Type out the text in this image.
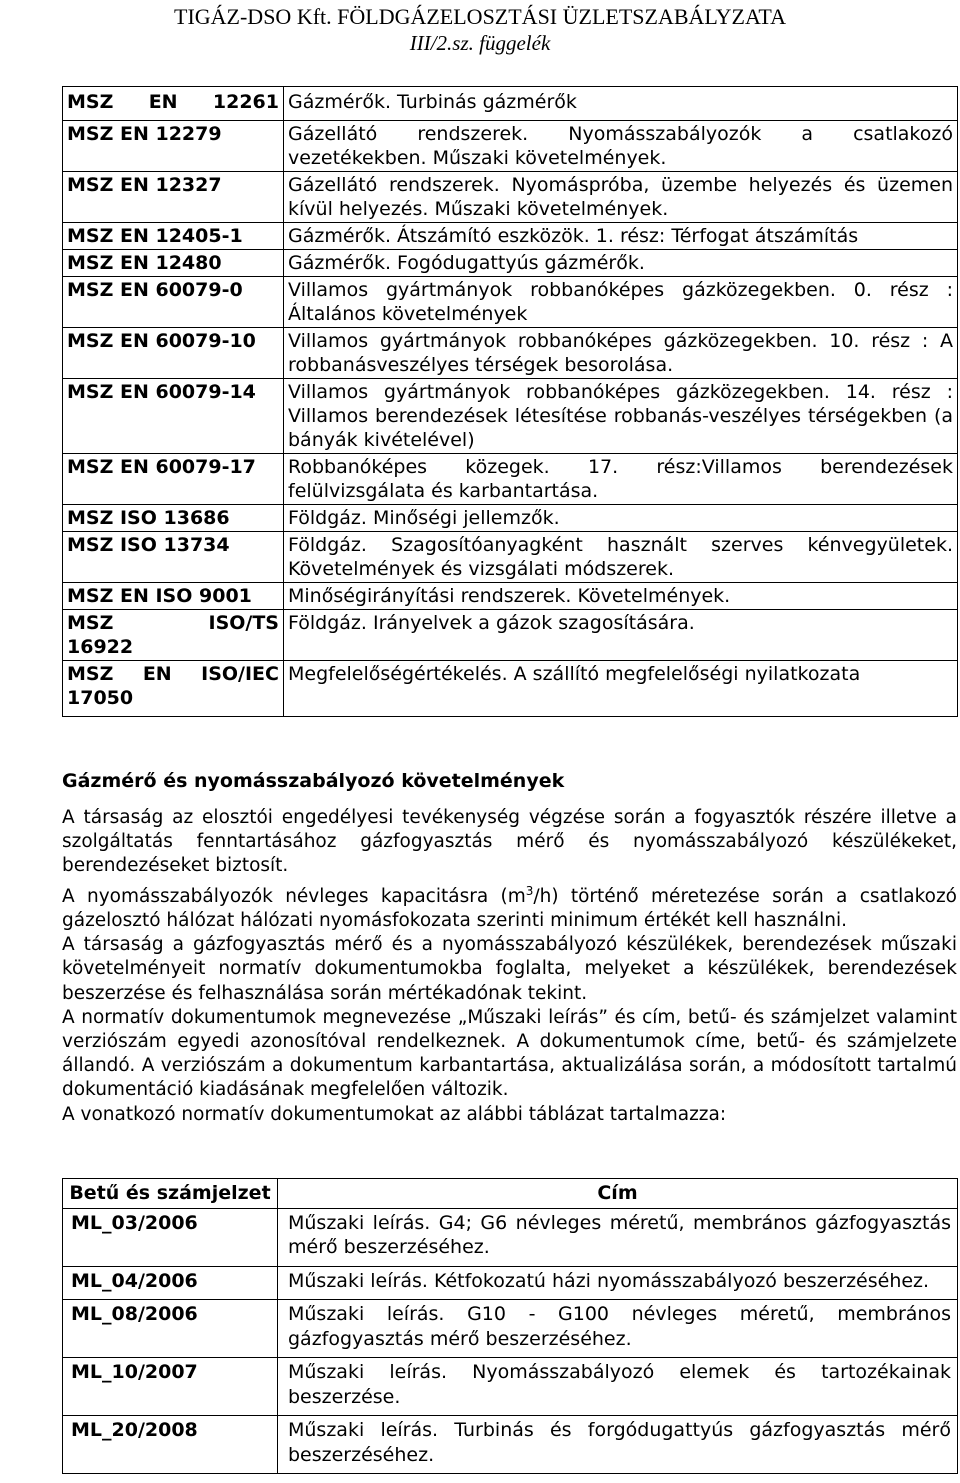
TIGÁZ-DSO Kft. FÖLDGÁZELOSZTÁSI ÜZLETSZABÁLYZATA
III/2.sz. függelék
MSZ EN 12261	Gázmérők. Turbinás gázmérők
MSZ EN 12279	Gázellátó rendszerek. Nyomásszabályozók a csatlakozó vezetékekben. Műszaki követelmények.
MSZ EN 12327	Gázellátó rendszerek. Nyomáspróba, üzembe helyezés és üzemen kívül helyezés. Műszaki követelmények.
MSZ EN 12405-1	Gázmérők. Átszámító eszközök. 1. rész: Térfogat átszámítás
MSZ EN 12480	Gázmérők. Fogódugattyús gázmérők.
MSZ EN 60079-0	Villamos gyártmányok robbanóképes gázközegekben. 0. rész : Általános követelmények
MSZ EN 60079-10	Villamos gyártmányok robbanóképes gázközegekben. 10. rész : A robbanásveszélyes térségek besorolása.
MSZ EN 60079-14	Villamos gyártmányok robbanóképes gázközegekben. 14. rész : Villamos berendezések létesítése robbanás-veszélyes térségekben (a bányák kivételével)
MSZ EN 60079-17	Robbanóképes közegek. 17. rész:Villamos berendezések felülvizsgálata és karbantartása.
MSZ ISO 13686	Földgáz. Minőségi jellemzők.
MSZ ISO 13734	Földgáz. Szagosítóanyagként használt szerves kénvegyületek. Követelmények és vizsgálati módszerek.
MSZ EN ISO 9001	Minőségirányítási rendszerek. Követelmények.

MSZ ISO/TS
16922	Földgáz. Irányelvek a gázok szagosítására.

MSZ EN ISO/IEC
17050	Megfelelőségértékelés. A szállító megfelelőségi nyilatkozata
Gázmérő és nyomásszabályozó követelmények

A társaság az elosztói engedélyesi tevékenység végzése során a fogyasztók részére illetve a szolgáltatás fenntartásához gázfogyasztás mérő és nyomásszabályozó készülékeket, berendezéseket biztosít.

A nyomásszabályozók névleges kapacitásra $(m^3/h)$ történő méretezése során a csatlakozó gázelosztó hálózat hálózati nyomásfokozata szerinti minimum értékét kell használni.

A társaság a gázfogyasztás mérő és a nyomásszabályozó készülékek, berendezések műszaki követelményeit normatív dokumentumokba foglalta, melyeket a készülékek, berendezések beszerzése és felhasználása során mértékadónak tekint.

A normatív dokumentumok megnevezése „Műszaki leírás” és cím, betű- és számjelzet valamint verziószám egyedi azonosítóval rendelkeznek. A dokumentumok címe, betű- és számjelzete állandó. A verziószám a dokumentum karbantartása, aktualizálása során, a módosított tartalmú dokumentáció kiadásának megfelelően változik.

A vonatkozó normatív dokumentumokat az alábbi táblázat tartalmazza:

Betű és számjelzet	Cím
ML_03/2006	Műszaki leírás. G4; G6 névleges méretű, membrános gázfogyasztás mérő beszerzéséhez.
ML_04/2006	Műszaki leírás. Kétfokozatú házi nyomásszabályozó beszerzéséhez.
ML_08/2006	Műszaki leírás. G10 - G100 névleges méretű, membrános gázfogyasztás mérő beszerzéséhez.
ML_10/2007	Műszaki leírás. Nyomásszabályozó elemek és tartozékainak beszerzése.
ML_20/2008	Műszaki leírás. Turbinás és forgódugattyús gázfogyasztás mérő beszerzéséhez.
